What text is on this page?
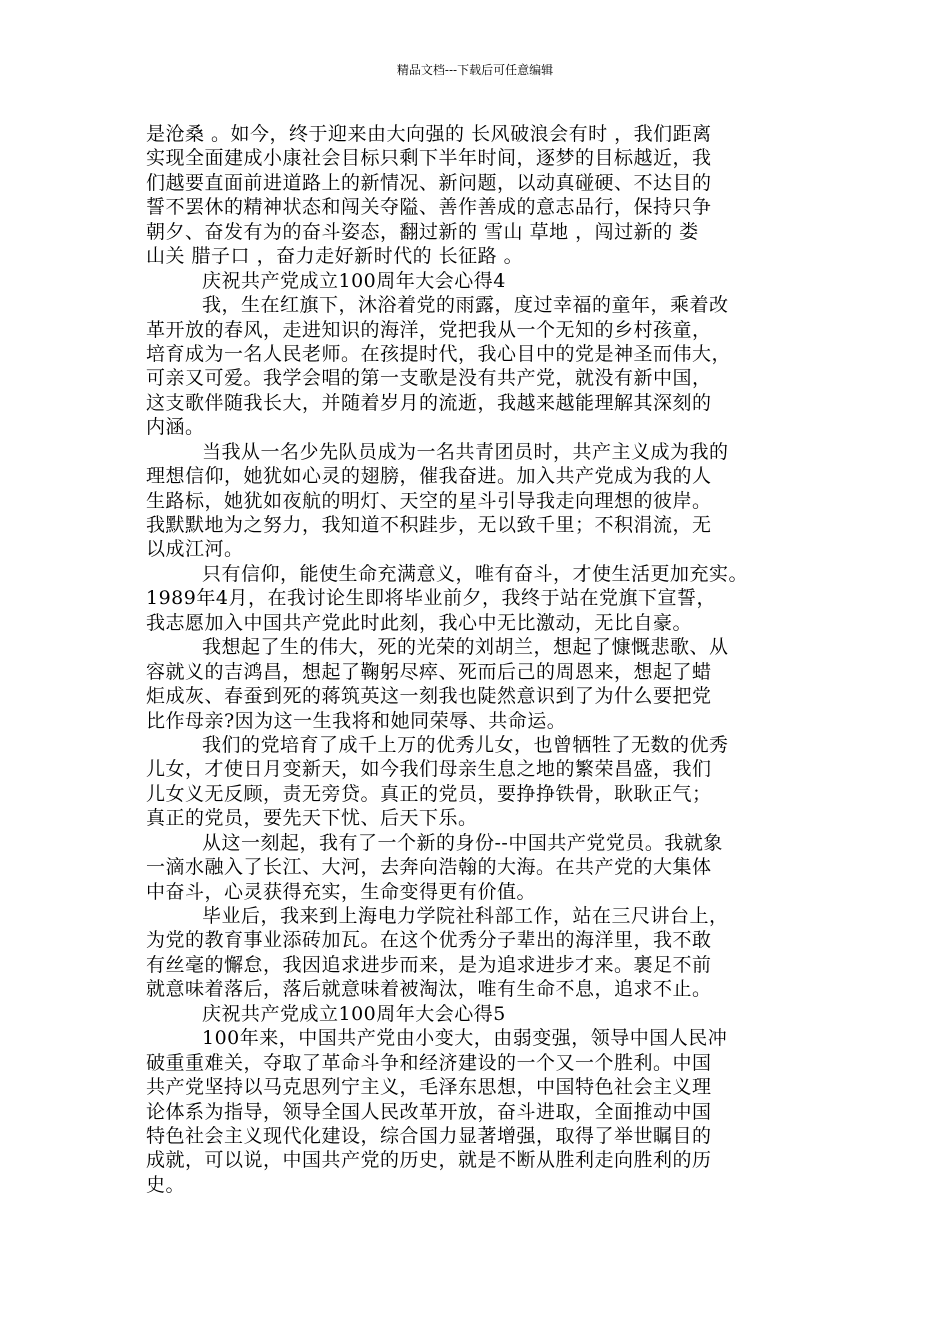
精品文档---下载后可任意编辑
是沧桑 。如今，终于迎来由大向强的 长风破浪会有时 ，我们距离
实现全面建成小康社会目标只剩下半年时间，逐梦的目标越近，我
们越要直面前进道路上的新情况、新问题，以动真碰硬、不达目的
誓不罢休的精神状态和闯关夺隘、善作善成的意志品行，保持只争
朝夕、奋发有为的奋斗姿态，翻过新的 雪山 草地 ，闯过新的 娄
山关 腊子口 ，奋力走好新时代的 长征路 。
庆祝共产党成立100周年大会心得4
我，生在红旗下，沐浴着党的雨露，度过幸福的童年，乘着改
革开放的春风，走进知识的海洋，党把我从一个无知的乡村孩童，
培育成为一名人民老师。在孩提时代，我心目中的党是神圣而伟大，
可亲又可爱。我学会唱的第一支歌是没有共产党，就没有新中国，
这支歌伴随我长大，并随着岁月的流逝，我越来越能理解其深刻的
内涵。
当我从一名少先队员成为一名共青团员时，共产主义成为我的
理想信仰，她犹如心灵的翅膀，催我奋进。加入共产党成为我的人
生路标，她犹如夜航的明灯、天空的星斗引导我走向理想的彼岸。
我默默地为之努力，我知道不积跬步，无以致千里；不积涓流，无
以成江河。
只有信仰，能使生命充满意义，唯有奋斗，才使生活更加充实。
1989年4月，在我讨论生即将毕业前夕，我终于站在党旗下宣誓，
我志愿加入中国共产党此时此刻，我心中无比激动，无比自豪。
我想起了生的伟大，死的光荣的刘胡兰，想起了慷慨悲歌、从
容就义的吉鸿昌，想起了鞠躬尽瘁、死而后己的周恩来，想起了蜡
炬成灰、春蚕到死的蒋筑英这一刻我也陡然意识到了为什么要把党
比作母亲?因为这一生我将和她同荣辱、共命运。
我们的党培育了成千上万的优秀儿女，也曾牺牲了无数的优秀
儿女，才使日月变新天，如今我们母亲生息之地的繁荣昌盛，我们
儿女义无反顾，责无旁贷。真正的党员，要挣挣铁骨，耿耿正气；
真正的党员，要先天下忧、后天下乐。
从这一刻起，我有了一个新的身份--中国共产党党员。我就象
一滴水融入了长江、大河，去奔向浩翰的大海。在共产党的大集体
中奋斗，心灵获得充实，生命变得更有价值。
毕业后，我来到上海电力学院社科部工作，站在三尺讲台上，
为党的教育事业添砖加瓦。在这个优秀分子辈出的海洋里，我不敢
有丝毫的懈怠，我因追求进步而来，是为追求进步才来。裹足不前
就意味着落后，落后就意味着被淘汰，唯有生命不息，追求不止。
庆祝共产党成立100周年大会心得5
100年来，中国共产党由小变大，由弱变强，领导中国人民冲
破重重难关，夺取了革命斗争和经济建设的一个又一个胜利。中国
共产党坚持以马克思列宁主义，毛泽东思想，中国特色社会主义理
论体系为指导，领导全国人民改革开放，奋斗进取，全面推动中国
特色社会主义现代化建设，综合国力显著增强，取得了举世瞩目的
成就，可以说，中国共产党的历史，就是不断从胜利走向胜利的历
史。
